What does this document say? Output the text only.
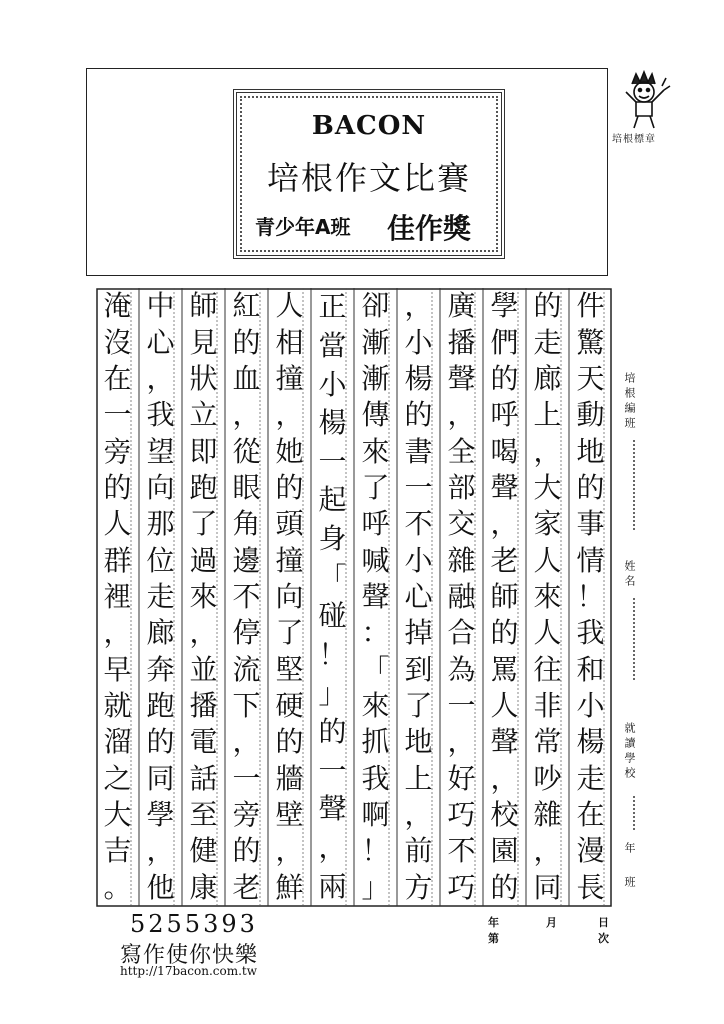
BACON
培根作文比賽
青少年A班 佳作獎
培根標章
件
驚
天
動
地
的
事
情
！
我
和
小
楊
走
在
漫
長
的
走
廊
上
，
大
家
人
來
人
往
非
常
吵
雜
，
同
學
們
的
呼
喝
聲
，
老
師
的
罵
人
聲
，
校
園
的
廣
播
聲
，
全
部
交
雜
融
合
為
一
，
好
巧
不
巧
，
小
楊
的
書
一
不
小
心
掉
到
了
地
上
，
前
方
卻
漸
漸
傳
來
了
呼
喊
聲
：
「
來
抓
我
啊
！
」
正
當
小
楊
一
起
身
「
碰
！
」
的
一
聲
，
兩
人
相
撞
，
她
的
頭
撞
向
了
堅
硬
的
牆
壁
，
鮮
紅
的
血
，
從
眼
角
邊
不
停
流
下
，
一
旁
的
老
師
見
狀
立
即
跑
了
過
來
，
並
播
電
話
至
健
康
中
心
，
我
望
向
那
位
走
廊
奔
跑
的
同
學
，
他
淹
沒
在
一
旁
的
人
群
裡
，
早
就
溜
之
大
吉
。
培根編班
姓名
就讀學校
年
班
5255393
寫作使你快樂
http://17bacon.com.tw
年	月	日
第	次
